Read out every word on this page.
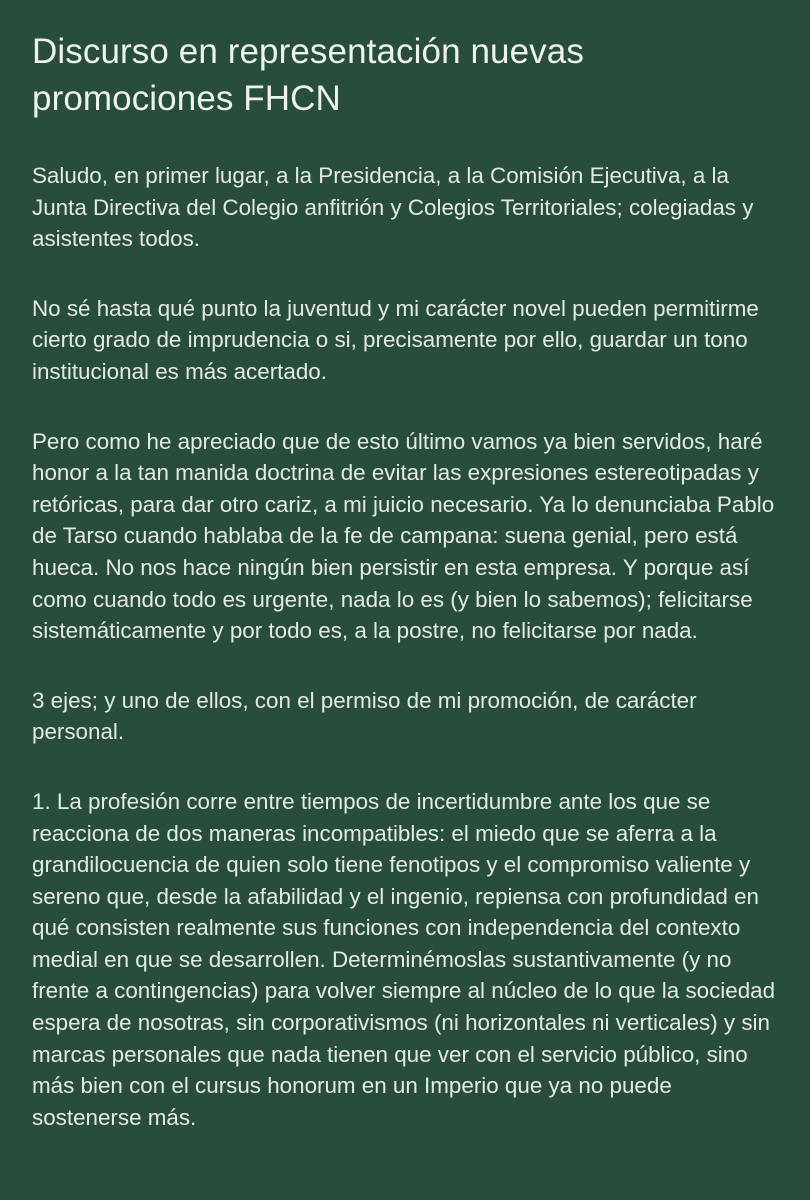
Discurso en representación nuevas promociones FHCN

Saludo, en primer lugar, a la Presidencia, a la Comisión Ejecutiva, a la Junta Directiva del Colegio anfitrión y Colegios Territoriales; colegiadas y asistentes todos.

No sé hasta qué punto la juventud y mi carácter novel pueden permitirme cierto grado de imprudencia o si, precisamente por ello, guardar un tono institucional es más acertado.

Pero como he apreciado que de esto último vamos ya bien servidos, haré honor a la tan manida doctrina de evitar las expresiones estereotipadas y retóricas, para dar otro cariz, a mi juicio necesario. Ya lo denunciaba Pablo de Tarso cuando hablaba de la fe de campana: suena genial, pero está hueca. No nos hace ningún bien persistir en esta empresa. Y porque así como cuando todo es urgente, nada lo es (y bien lo sabemos); felicitarse sistemáticamente y por todo es, a la postre, no felicitarse por nada.

3 ejes; y uno de ellos, con el permiso de mi promoción, de carácter personal.

1. La profesión corre entre tiempos de incertidumbre ante los que se reacciona de dos maneras incompatibles: el miedo que se aferra a la grandilocuencia de quien solo tiene fenotipos y el compromiso valiente y sereno que, desde la afabilidad y el ingenio, repiensa con profundidad en qué consisten realmente sus funciones con independencia del contexto medial en que se desarrollen. Determinémoslas sustantivamente (y no frente a contingencias) para volver siempre al núcleo de lo que la sociedad espera de nosotras, sin corporativismos (ni horizontales ni verticales) y sin marcas personales que nada tienen que ver con el servicio público, sino más bien con el cursus honorum en un Imperio que ya no puede sostenerse más.
